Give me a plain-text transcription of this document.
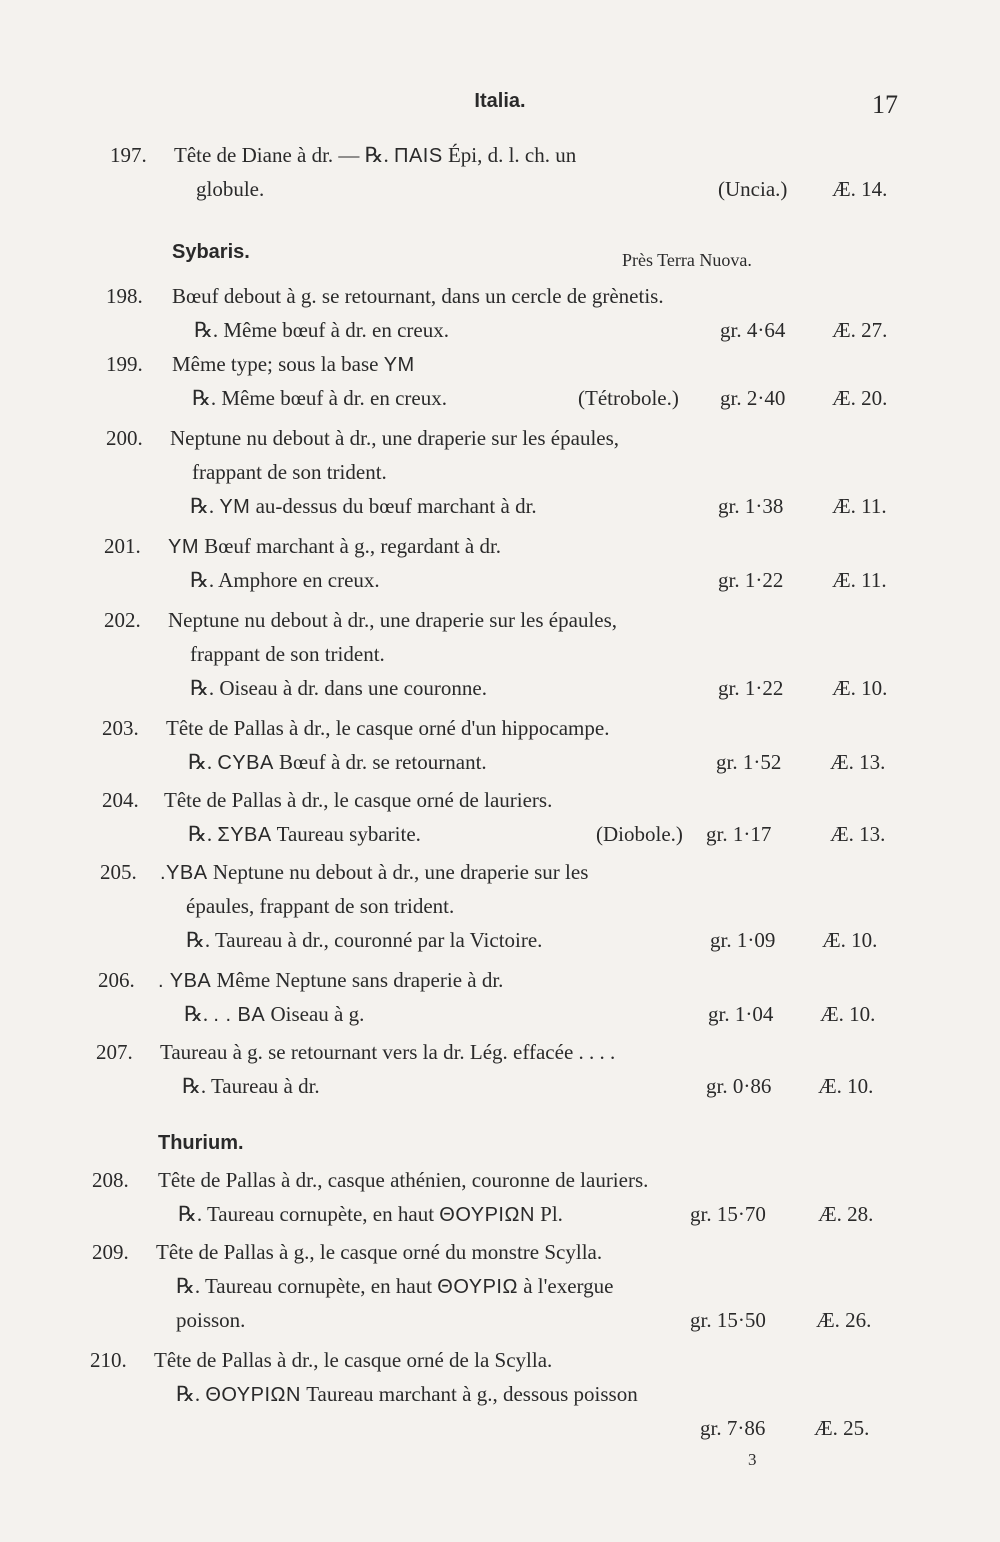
Italia.	17
197. Tête de Diane à dr. — ℞. ΠΑΙS Épi, d. l. ch. un
globule.	(Uncia.) Æ. 14.
Sybaris.	Près Terra Nuova.
198. Bœuf debout à g. se retournant, dans un cercle de grènetis.
℞. Même bœuf à dr. en creux.	gr. 4·64 Æ. 27.
199. Même type; sous la base YM
℞. Même bœuf à dr. en creux.	(Tétrobole.) gr. 2·40 Æ. 20.
200. Neptune nu debout à dr., une draperie sur les épaules,
frappant de son trident.
℞. YM au-dessus du bœuf marchant à dr.	gr. 1·38 Æ. 11.
201. YM Bœuf marchant à g., regardant à dr.
℞. Amphore en creux.	gr. 1·22 Æ. 11.
202. Neptune nu debout à dr., une draperie sur les épaules,
frappant de son trident.
℞. Oiseau à dr. dans une couronne.	gr. 1·22 Æ. 10.
203. Tête de Pallas à dr., le casque orné d'un hippocampe.
℞. ϹYBA Bœuf à dr. se retournant.	gr. 1·52 Æ. 13.
204. Tête de Pallas à dr., le casque orné de lauriers.
℞. ΣYBA Taureau sybarite.	(Diobole.) gr. 1·17	Æ. 13.
205. .YBA Neptune nu debout à dr., une draperie sur les
épaules, frappant de son trident.
℞. Taureau à dr., couronné par la Victoire.	gr. 1·09 Æ. 10.
206. . YBA Même Neptune sans draperie à dr.
℞. . . BA Oiseau à g.	gr. 1·04 Æ. 10.
207. Taureau à g. se retournant vers la dr. Lég. effacée . . . .
℞. Taureau à dr.	gr. 0·86 Æ. 10.
Thurium.
208. Tête de Pallas à dr., casque athénien, couronne de lauriers.
℞. Taureau cornupète, en haut ΘΟΥΡΙΩΝ Pl.	gr. 15·70 Æ. 28.
209. Tête de Pallas à g., le casque orné du monstre Scylla.
℞. Taureau cornupète, en haut ΘΟΥΡΙΩ à l'exergue
poisson.	gr. 15·50 Æ. 26.
210. Tête de Pallas à dr., le casque orné de la Scylla.
℞. ΘΟΥΡΙΩΝ Taureau marchant à g., dessous poisson
gr. 7·86 Æ. 25.
3
